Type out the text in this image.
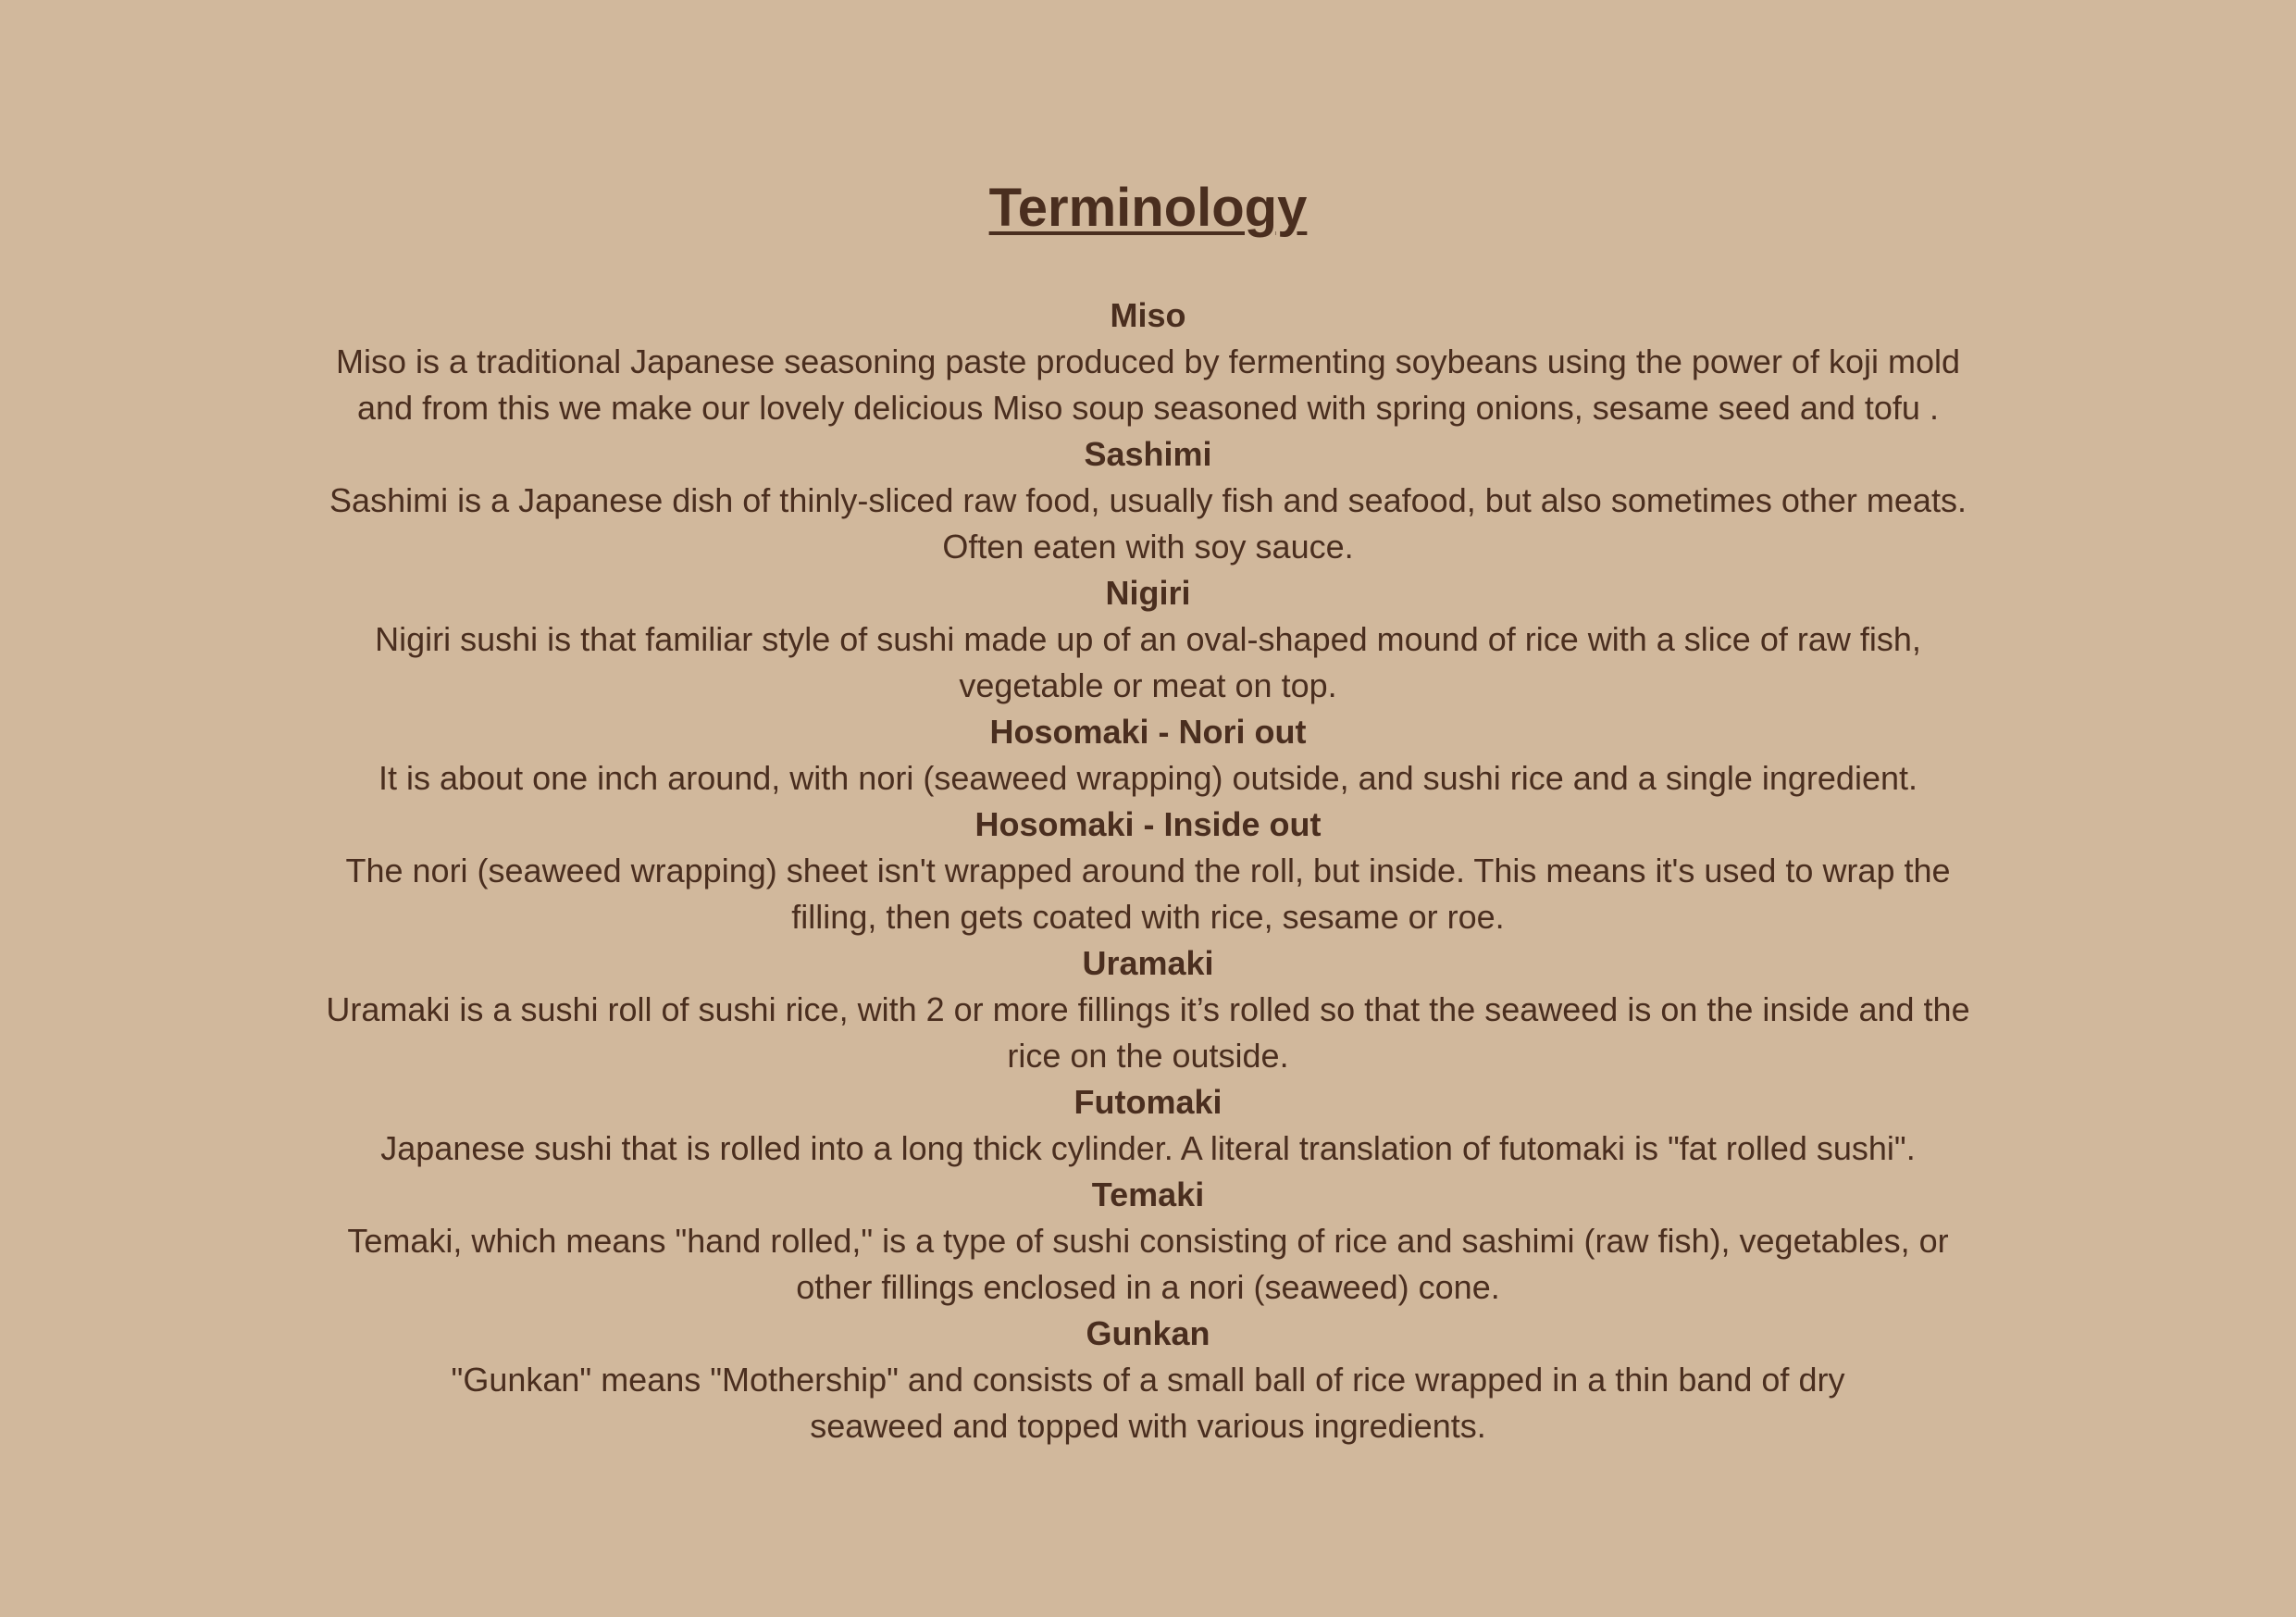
Terminology
Miso
Miso is a traditional Japanese seasoning paste produced by fermenting soybeans using the power of koji mold
and from this we make our lovely delicious Miso soup seasoned with spring onions, sesame seed and tofu .
Sashimi
Sashimi is a Japanese dish of thinly-sliced raw food, usually fish and seafood, but also sometimes other meats.
Often eaten with soy sauce.
Nigiri
Nigiri sushi is that familiar style of sushi made up of an oval-shaped mound of rice with a slice of raw fish,
vegetable or meat on top.
Hosomaki - Nori out
It is about one inch around, with nori (seaweed wrapping) outside, and sushi rice and a single ingredient.
Hosomaki - Inside out
The nori (seaweed wrapping) sheet isn't wrapped around the roll, but inside. This means it's used to wrap the
filling, then gets coated with rice, sesame or roe.
Uramaki
Uramaki is a sushi roll of sushi rice, with 2 or more fillings it’s rolled so that the seaweed is on the inside and the
rice on the outside.
Futomaki
Japanese sushi that is rolled into a long thick cylinder. A literal translation of futomaki is "fat rolled sushi".
Temaki
Temaki, which means "hand rolled," is a type of sushi consisting of rice and sashimi (raw fish), vegetables, or
other fillings enclosed in a nori (seaweed) cone.
Gunkan
"Gunkan" means "Mothership" and consists of a small ball of rice wrapped in a thin band of dry
seaweed and topped with various ingredients.
